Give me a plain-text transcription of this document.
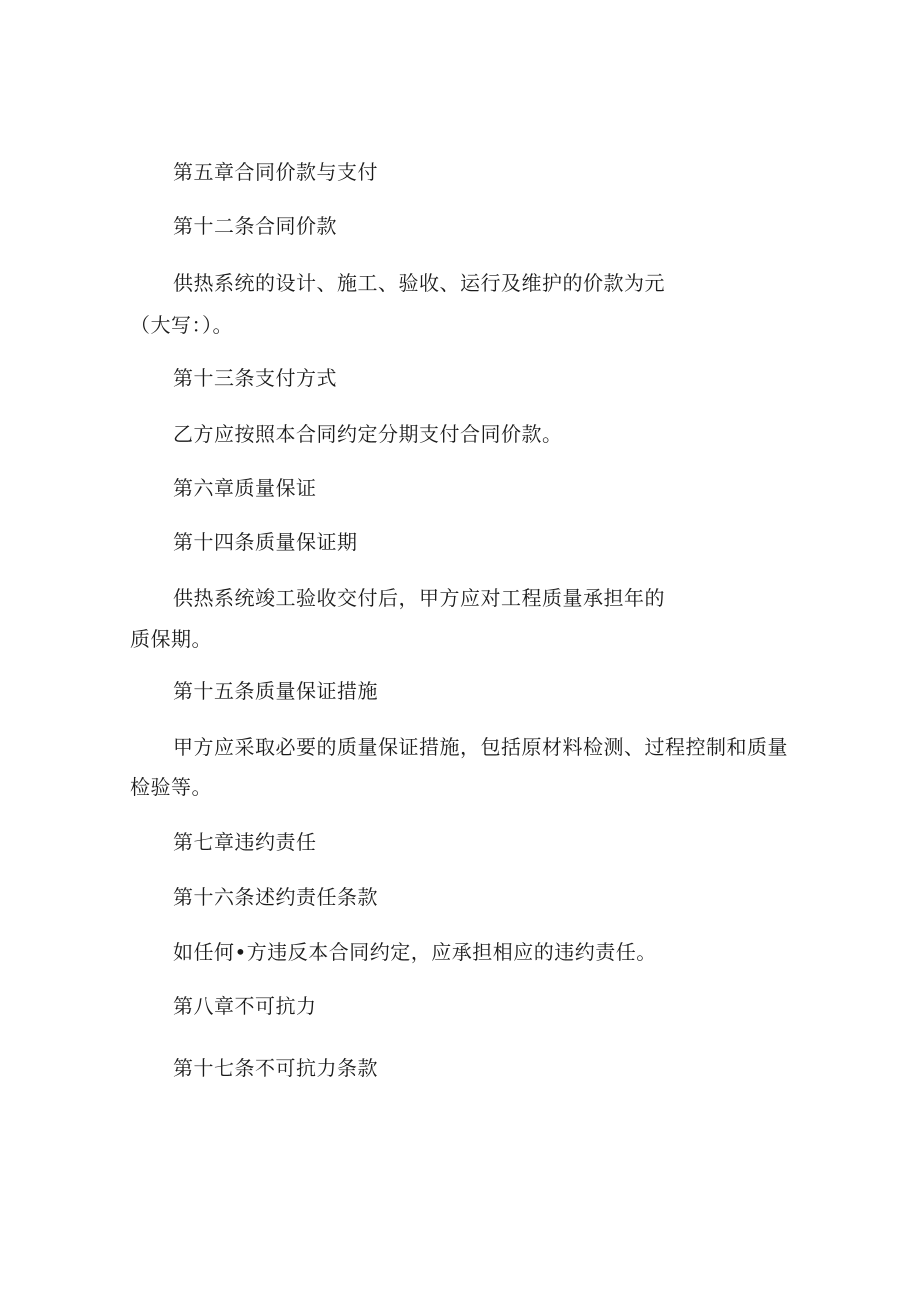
第五章合同价款与支付
第十二条合同价款
供热系统的设计、施工、验收、运行及维护的价款为元
（大写：）。
第十三条支付方式
乙方应按照本合同约定分期支付合同价款。
第六章质量保证
第十四条质量保证期
供热系统竣工验收交付后，甲方应对工程质量承担年的
质保期。
第十五条质量保证措施
甲方应采取必要的质量保证措施，包括原材料检测、过程控制和质量
检验等。
第七章违约责任
第十六条述约责任条款
如任何•方违反本合同约定，应承担相应的违约责任。
第八章不可抗力
第十七条不可抗力条款
